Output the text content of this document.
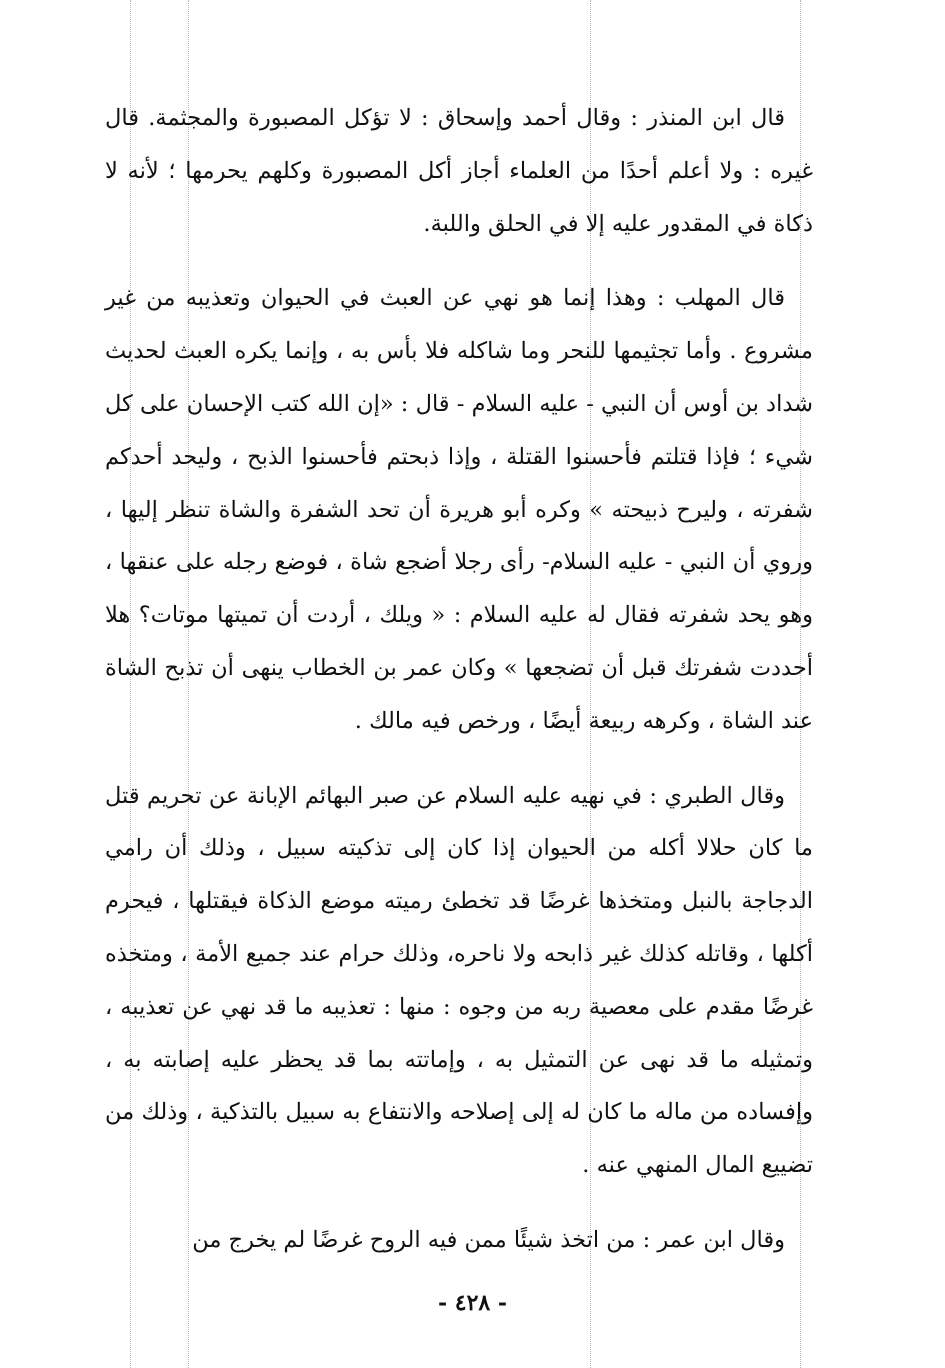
قال ابن المنذر : وقال أحمد وإسحاق : لا تؤكل المصبورة والمجثمة. قال غيره : ولا أعلم أحدًا من العلماء أجاز أكل المصبورة وكلهم يحرمها ؛ لأنه لا ذكاة في المقدور عليه إلا في الحلق واللبة.

قال المهلب : وهذا إنما هو نهي عن العبث في الحيوان وتعذيبه من غير مشروع . وأما تجثيمها للنحر وما شاكله فلا بأس به ، وإنما يكره العبث لحديث شداد بن أوس أن النبي - عليه السلام - قال : «إن الله كتب الإحسان على كل شيء ؛ فإذا قتلتم فأحسنوا القتلة ، وإذا ذبحتم فأحسنوا الذبح ، وليحد أحدكم شفرته ، وليرح ذبيحته » وكره أبو هريرة أن تحد الشفرة والشاة تنظر إليها ، وروي أن النبي - عليه السلام- رأى رجلا أضجع شاة ، فوضع رجله على عنقها ، وهو يحد شفرته فقال له عليه السلام : « ويلك ، أردت أن تميتها موتات؟ هلا أحددت شفرتك قبل أن تضجعها » وكان عمر بن الخطاب ينهى أن تذبح الشاة عند الشاة ، وكرهه ربيعة أيضًا ، ورخص فيه مالك .

وقال الطبري : في نهيه عليه السلام عن صبر البهائم الإبانة عن تحريم قتل ما كان حلالا أكله من الحيوان إذا كان إلى تذكيته سبيل ، وذلك أن رامي الدجاجة بالنبل ومتخذها غرضًا قد تخطئ رميته موضع الذكاة فيقتلها ، فيحرم أكلها ، وقاتله كذلك غير ذابحه ولا ناحره، وذلك حرام عند جميع الأمة ، ومتخذه غرضًا مقدم على معصية ربه من وجوه : منها : تعذيبه ما قد نهي عن تعذيبه ، وتمثيله ما قد نهى عن التمثيل به ، وإماتته بما قد يحظر عليه إصابته به ، وإفساده من ماله ما كان له إلى إصلاحه والانتفاع به سبيل بالتذكية ، وذلك من تضييع المال المنهي عنه .

وقال ابن عمر : من اتخذ شيئًا ممن فيه الروح غرضًا لم يخرج من

- ٤٢٨ -
